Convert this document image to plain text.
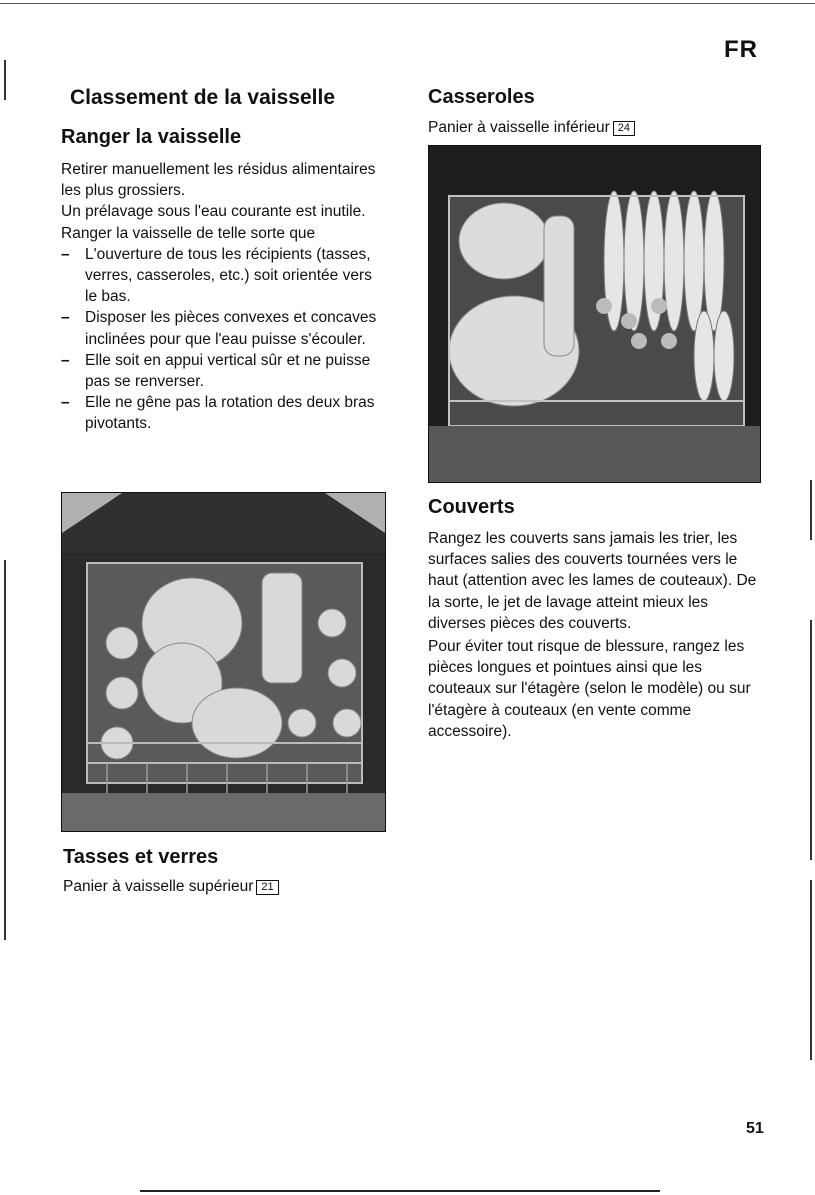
FR
Classement de la vaisselle
Ranger la vaisselle

Retirer manuellement les résidus alimentaires les plus grossiers.

Un prélavage sous l'eau courante est inutile.

Ranger la vaisselle de telle sorte que

– L'ouverture de tous les récipients (tasses, verres, casseroles, etc.) soit orientée vers le bas.
– Disposer les pièces convexes et concaves inclinées pour que l'eau puisse s'écouler.
– Elle soit en appui vertical sûr et ne puisse pas se renverser.
– Elle ne gêne pas la rotation des deux bras pivotants.
Tasses et verres
Panier à vaisselle supérieur 21
Casseroles
Panier à vaisselle inférieur 24
Couverts

Rangez les couverts sans jamais les trier, les surfaces salies des couverts tournées vers le haut (attention avec les lames de couteaux). De la sorte, le jet de lavage atteint mieux les diverses pièces des couverts.

Pour éviter tout risque de blessure, rangez les pièces longues et pointues ainsi que les couteaux sur l'étagère (selon le modèle) ou sur l'étagère à couteaux (en vente comme accessoire).

51
